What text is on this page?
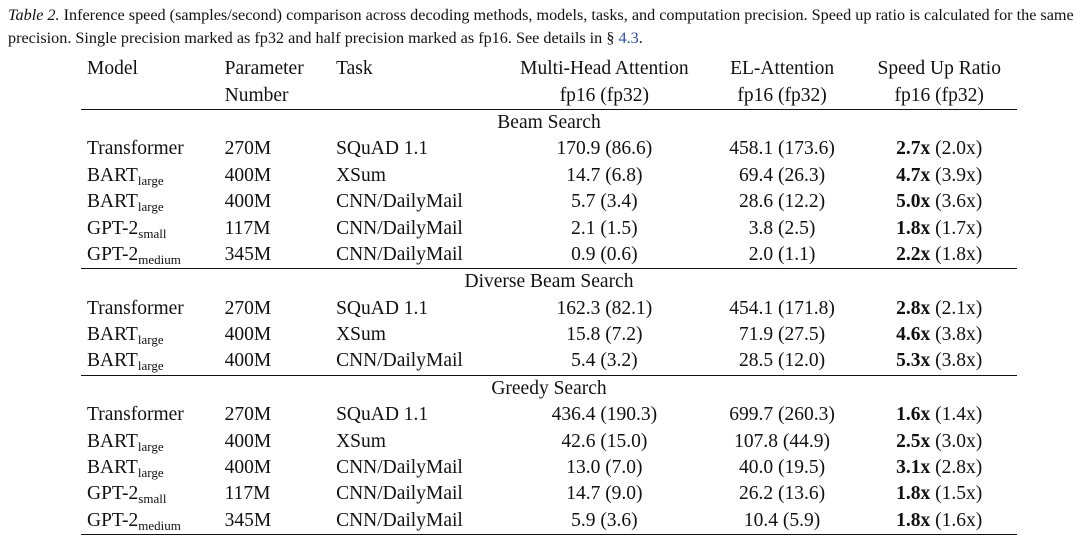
Table 2. Inference speed (samples/second) comparison across decoding methods, models, tasks, and computation precision. Speed up ratio is calculated for the same precision. Single precision marked as fp32 and half precision marked as fp16. See details in § 4.3.
Model	Parameter	Task	Multi-Head Attention	EL-Attention	Speed Up Ratio
	Number		fp16 (fp32)	fp16 (fp32)	fp16 (fp32)
Beam Search					
Transformer	270M	SQuAD 1.1	170.9 (86.6)	458.1 (173.6)	2.7x (2.0x)
$BART_{large}$	400M	XSum	14.7 (6.8)	69.4 (26.3)	4.7x (3.9x)
$BART_{large}$	400M	CNN/DailyMail	5.7 (3.4)	28.6 (12.2)	5.0x (3.6x)
GPT-$2_{small}$	117M	CNN/DailyMail	2.1 (1.5)	3.8 (2.5)	1.8x (1.7x)
GPT-$2_{medium}$	345M	CNN/DailyMail	0.9 (0.6)	2.0 (1.1)	2.2x (1.8x)
Diverse Beam Search					
Transformer	270M	SQuAD 1.1	162.3 (82.1)	454.1 (171.8)	2.8x (2.1x)
$BART_{large}$	400M	XSum	15.8 (7.2)	71.9 (27.5)	4.6x (3.8x)
$BART_{large}$	400M	CNN/DailyMail	5.4 (3.2)	28.5 (12.0)	5.3x (3.8x)
Greedy Search					
Transformer	270M	SQuAD 1.1	436.4 (190.3)	699.7 (260.3)	1.6x (1.4x)
$BART_{large}$	400M	XSum	42.6 (15.0)	107.8 (44.9)	2.5x (3.0x)
$BART_{large}$	400M	CNN/DailyMail	13.0 (7.0)	40.0 (19.5)	3.1x (2.8x)
GPT-$2_{small}$	117M	CNN/DailyMail	14.7 (9.0)	26.2 (13.6)	1.8x (1.5x)
GPT-$2_{medium}$	345M	CNN/DailyMail	5.9 (3.6)	10.4 (5.9)	1.8x (1.6x)
